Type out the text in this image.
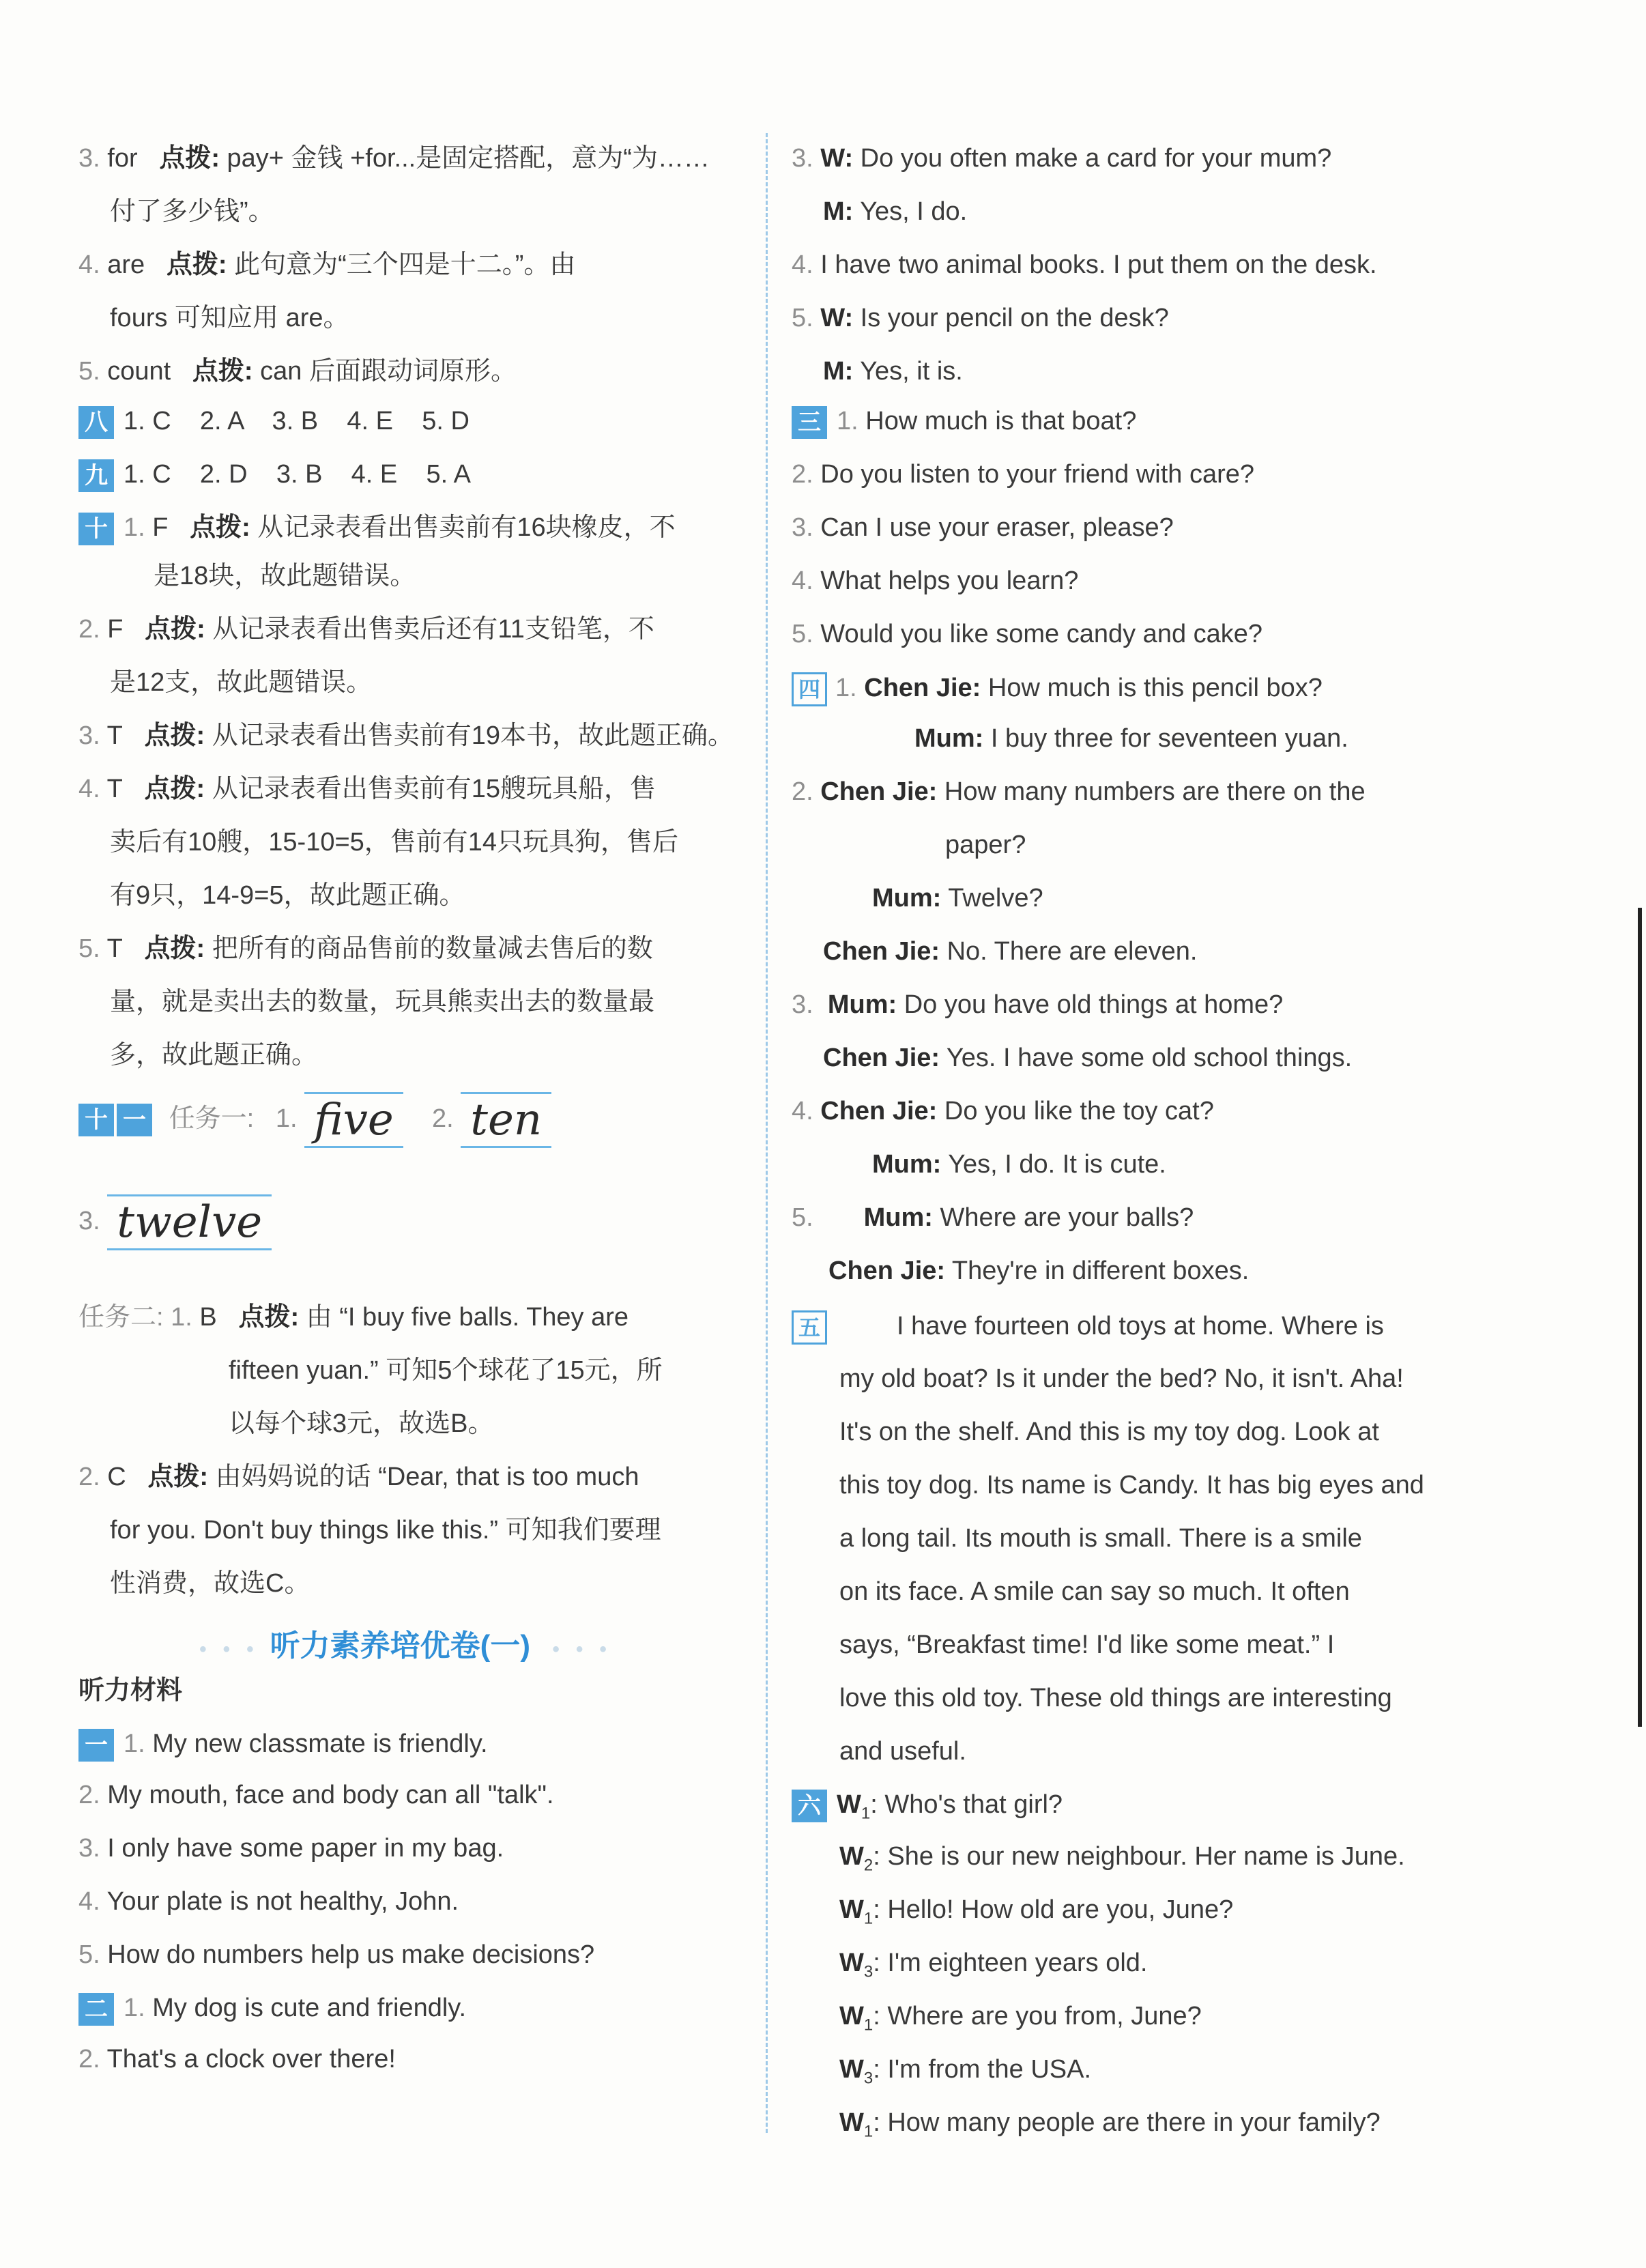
3. for 点拨: pay+ 金钱 +for...是固定搭配，意为“为……
付了多少钱”。
4. are 点拨: 此句意为“三个四是十二。”。由
fours 可知应用 are。
5. count 点拨: can 后面跟动词原形。
八 1. C    2. A    3. B    4. E    5. D
九 1. C    2. D    3. B    4. E    5. A
十 1. F 点拨: 从记录表看出售卖前有16块橡皮，不
是18块，故此题错误。
2. F 点拨: 从记录表看出售卖后还有11支铅笔，不
是12支，故此题错误。
3. T 点拨: 从记录表看出售卖前有19本书，故此题正确。
4. T 点拨: 从记录表看出售卖前有15艘玩具船，售
卖后有10艘，15-10=5，售前有14只玩具狗，售后
有9只，14-9=5，故此题正确。
5. T 点拨: 把所有的商品售前的数量减去售后的数
量，就是卖出去的数量，玩具熊卖出去的数量最
多，故此题正确。
十 一 任务一: 1. five 2. ten
3. twelve
任务二: 1. B 点拨: 由 “I buy five balls. They are
fifteen yuan.” 可知5个球花了15元，所
以每个球3元，故选B。
2. C 点拨: 由妈妈说的话 “Dear, that is too much
for you. Don't buy things like this.” 可知我们要理
性消费，故选C。
•••听力素养培优卷(一) •••
听力材料
一 1. My new classmate is friendly.
2. My mouth, face and body can all "talk".
3. I only have some paper in my bag.
4. Your plate is not healthy, John.
5. How do numbers help us make decisions?
二 1. My dog is cute and friendly.
2. That's a clock over there!
3. W: Do you often make a card for your mum?
M: Yes, I do.
4. I have two animal books. I put them on the desk.
5. W: Is your pencil on the desk?
M: Yes, it is.
三 1. How much is that boat?
2. Do you listen to your friend with care?
3. Can I use your eraser, please?
4. What helps you learn?
5. Would you like some candy and cake?
四 1. Chen Jie: How much is this pencil box?
Mum: I buy three for seventeen yuan.
2. Chen Jie: How many numbers are there on the
paper?
Mum: Twelve?
Chen Jie: No. There are eleven.
3. Mum: Do you have old things at home?
Chen Jie: Yes. I have some old school things.
4. Chen Jie: Do you like the toy cat?
Mum: Yes, I do. It is cute.
5. Mum: Where are your balls?
Chen Jie: They're in different boxes.
五	I have fourteen old toys at home. Where is
my old boat? Is it under the bed? No, it isn't. Aha!
It's on the shelf. And this is my toy dog. Look at
this toy dog. Its name is Candy. It has big eyes and
a long tail. Its mouth is small. There is a smile
on its face. A smile can say so much. It often
says, “Breakfast time! I'd like some meat.” I
love this old toy. These old things are interesting
and useful.
六 $W_1$: Who's that girl?
$W_2$: She is our new neighbour. Her name is June.
$W_1$: Hello! How old are you, June?
$W_3$: I'm eighteen years old.
$W_1$: Where are you from, June?
$W_3$: I'm from the USA.
$W_1$: How many people are there in your family?
